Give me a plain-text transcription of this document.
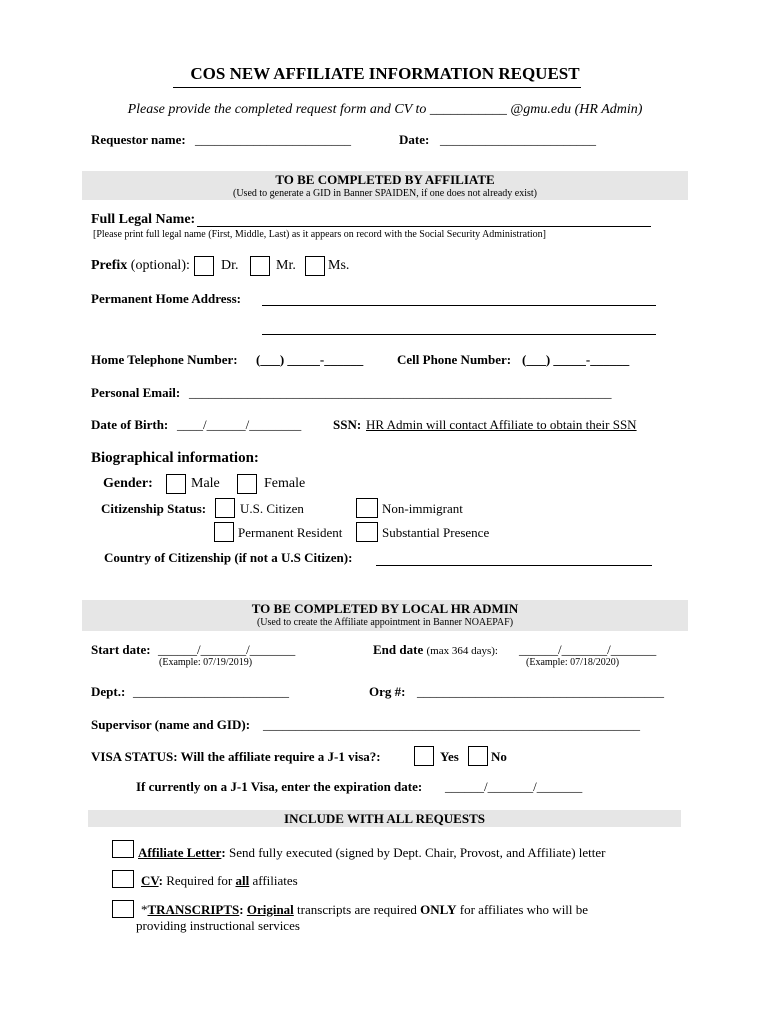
COS NEW AFFILIATE INFORMATION REQUEST
Please provide the completed request form and CV to ___________ @gmu.edu (HR Admin)
Requestor name: ________________________	Date: ________________________
TO BE COMPLETED BY AFFILIATE
(Used to generate a GID in Banner SPAIDEN, if one does not already exist)
Full Legal Name:
[Please print full legal name (First, Middle, Last) as it appears on record with the Social Security Administration]
Prefix (optional): Dr.	Mr. Ms.
Permanent Home Address:
Home Telephone Number: (___) _____-______	Cell Phone Number: (___) _____-______
Personal Email: _________________________________________________________________
Date of Birth: ____/______/________ SSN: HR Admin will contact Affiliate to obtain their SSN
Biographical information:
Gender:	Male	Female
Citizenship Status:	U.S. Citizen	Non-immigrant
Permanent Resident	Substantial Presence
Country of Citizenship (if not a U.S Citizen):
TO BE COMPLETED BY LOCAL HR ADMIN
(Used to create the Affiliate appointment in Banner NOAEPAF)
Start date: ______/_______/_______
(Example: 07/19/2019)
End date (max 364 days): ______/_______/_______
(Example: 07/18/2020)
Dept.: ________________________	Org #: ______________________________________
Supervisor (name and GID): __________________________________________________________
VISA STATUS: Will the affiliate require a J-1 visa?:	Yes No
If currently on a J-1 Visa, enter the expiration date: ______/_______/_______
INCLUDE WITH ALL REQUESTS
Affiliate Letter: Send fully executed (signed by Dept. Chair, Provost, and Affiliate) letter
CV: Required for all affiliates
*TRANSCRIPTS: Original transcripts are required ONLY for affiliates who will be
providing instructional services
